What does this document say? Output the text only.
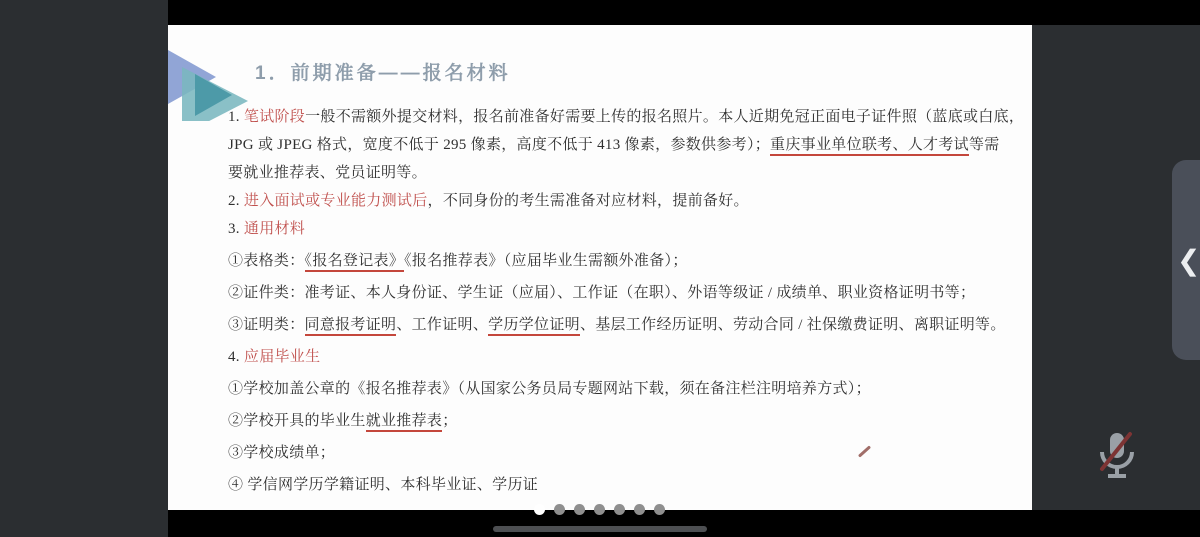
1．前期准备——报名材料
1. 笔试阶段一般不需额外提交材料，报名前准备好需要上传的报名照片。本人近期免冠正面电子证件照（蓝底或白底，
JPG 或 JPEG 格式，宽度不低于 295 像素，高度不低于 413 像素，参数供参考）；重庆事业单位联考、人才考试等需
要就业推荐表、党员证明等。
2. 进入面试或专业能力测试后，不同身份的考生需准备对应材料，提前备好。
3. 通用材料
①表格类：《报名登记表》《报名推荐表》（应届毕业生需额外准备）；
②证件类：准考证、本人身份证、学生证（应届）、工作证（在职）、外语等级证 / 成绩单、职业资格证明书等；
③证明类：同意报考证明、工作证明、学历学位证明、基层工作经历证明、劳动合同 / 社保缴费证明、离职证明等。
4. 应届毕业生
①学校加盖公章的《报名推荐表》（从国家公务员局专题网站下载，须在备注栏注明培养方式）；
②学校开具的毕业生就业推荐表；
③学校成绩单；
④ 学信网学历学籍证明、本科毕业证、学历证
❮
